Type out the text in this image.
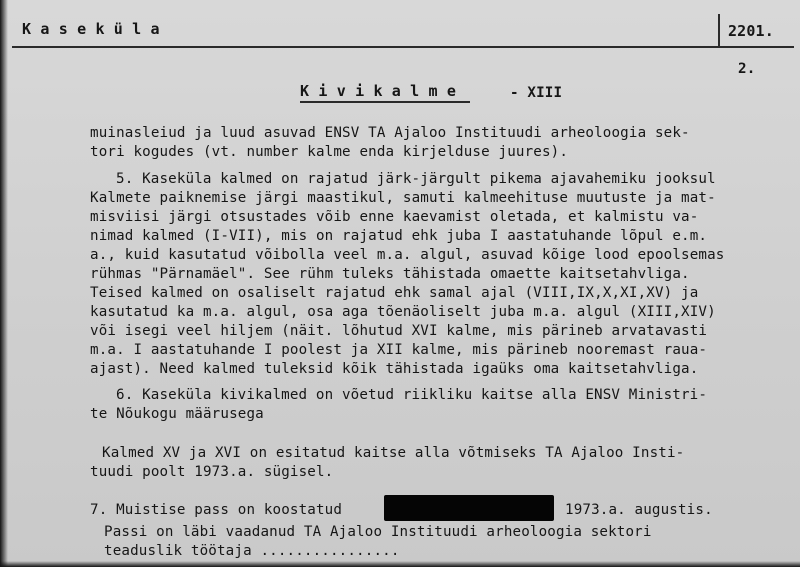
K a s e k ü l a	2201.
2.
K i v i k a l m e	- XIII
muinasleiud ja luud asuvad ENSV TA Ajaloo Instituudi arheoloogia sek-
tori kogudes (vt. number kalme enda kirjelduse juures).
5. Kaseküla kalmed on rajatud järk-järgult pikema ajavahemiku jooksul
Kalmete paiknemise järgi maastikul, samuti kalmeehituse muutuste ja mat-
misviisi järgi otsustades võib enne kaevamist oletada, et kalmistu va-
nimad kalmed (I-VII), mis on rajatud ehk juba I aastatuhande lõpul e.m.
a., kuid kasutatud võibolla veel m.a. algul, asuvad kõige lood epoolsemas
rühmas "Pärnamäel". See rühm tuleks tähistada omaette kaitsetahvliga.
Teised kalmed on osaliselt rajatud ehk samal ajal (VIII,IX,X,XI,XV) ja
kasutatud ka m.a. algul, osa aga tõenäoliselt juba m.a. algul (XIII,XIV)
või isegi veel hiljem (näit. lõhutud XVI kalme, mis pärineb arvatavasti
m.a. I aastatuhande I poolest ja XII kalme, mis pärineb nooremast raua-
ajast). Need kalmed tuleksid kõik tähistada igaüks oma kaitsetahvliga.
6. Kaseküla kivikalmed on võetud riikliku kaitse alla ENSV Ministri-
te Nõukogu määrusega
Kalmed XV ja XVI on esitatud kaitse alla võtmiseks TA Ajaloo Insti-
tuudi poolt 1973.a. sügisel.
7. Muistise pass on koostatud	1973.a. augustis.
Passi on läbi vaadanud TA Ajaloo Instituudi arheoloogia sektori
teaduslik töötaja ................
